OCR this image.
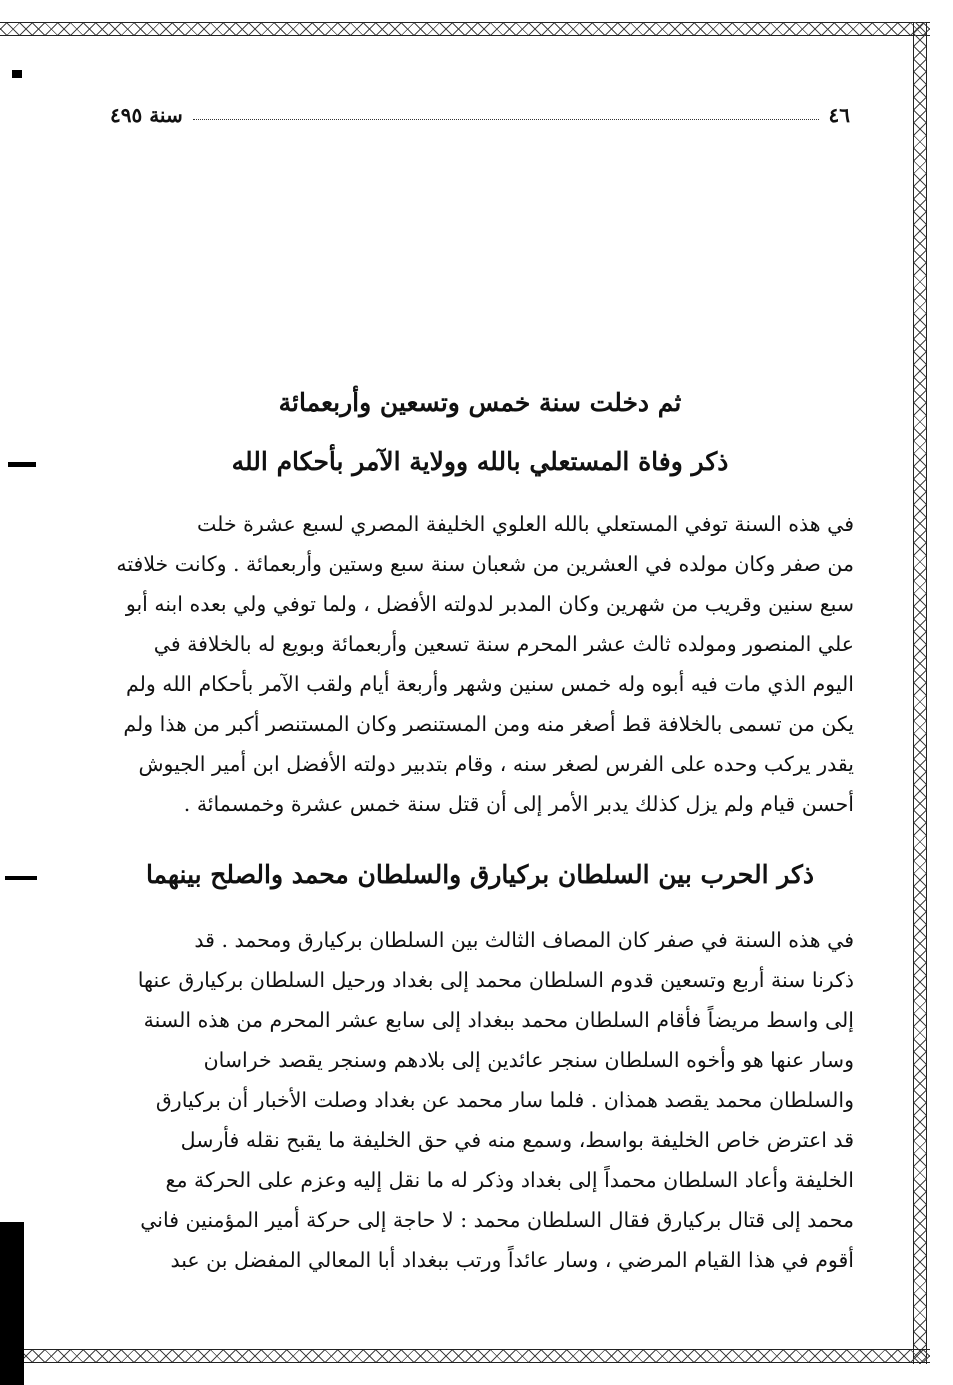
٤٦
سنة ٤٩٥
ثم دخلت سنة خمس وتسعين وأربعمائة
ذكر وفاة المستعلي بالله وولاية الآمر بأحكام الله
في هذه السنة توفي المستعلي بالله العلوي الخليفة المصري لسبع عشرة خلت
من صفر وكان مولده في العشرين من شعبان سنة سبع وستين وأربعمائة . وكانت خلافته
سبع سنين وقريب من شهرين وكان المدبر لدولته الأفضل ، ولما توفي ولي بعده ابنه أبو
علي المنصور ومولده ثالث عشر المحرم سنة تسعين وأربعمائة وبويع له بالخلافة في
اليوم الذي مات فيه أبوه وله خمس سنين وشهر وأربعة أيام ولقب الآمر بأحكام الله ولم
يكن من تسمى بالخلافة قط أصغر منه ومن المستنصر وكان المستنصر أكبر من هذا ولم
يقدر يركب وحده على الفرس لصغر سنه ، وقام بتدبير دولته الأفضل ابن أمير الجيوش
أحسن قيام ولم يزل كذلك يدبر الأمر إلى أن قتل سنة خمس عشرة وخمسمائة .
ذكر الحرب بين السلطان بركيارق والسلطان محمد والصلح بينهما
في هذه السنة في صفر كان المصاف الثالث بين السلطان بركيارق ومحمد . قد
ذكرنا سنة أربع وتسعين قدوم السلطان محمد إلى بغداد ورحيل السلطان بركيارق عنها
إلى واسط مريضاً فأقام السلطان محمد ببغداد إلى سابع عشر المحرم من هذه السنة
وسار عنها هو وأخوه السلطان سنجر عائدين إلى بلادهم وسنجر يقصد خراسان
والسلطان محمد يقصد همذان . فلما سار محمد عن بغداد وصلت الأخبار أن بركيارق
قد اعترض خاص الخليفة بواسط، وسمع منه في حق الخليفة ما يقبح نقله فأرسل
الخليفة وأعاد السلطان محمداً إلى بغداد وذكر له ما نقل إليه وعزم على الحركة مع
محمد إلى قتال بركيارق فقال السلطان محمد : لا حاجة إلى حركة أمير المؤمنين فاني
أقوم في هذا القيام المرضي ، وسار عائداً ورتب ببغداد أبا المعالي المفضل بن عبد
